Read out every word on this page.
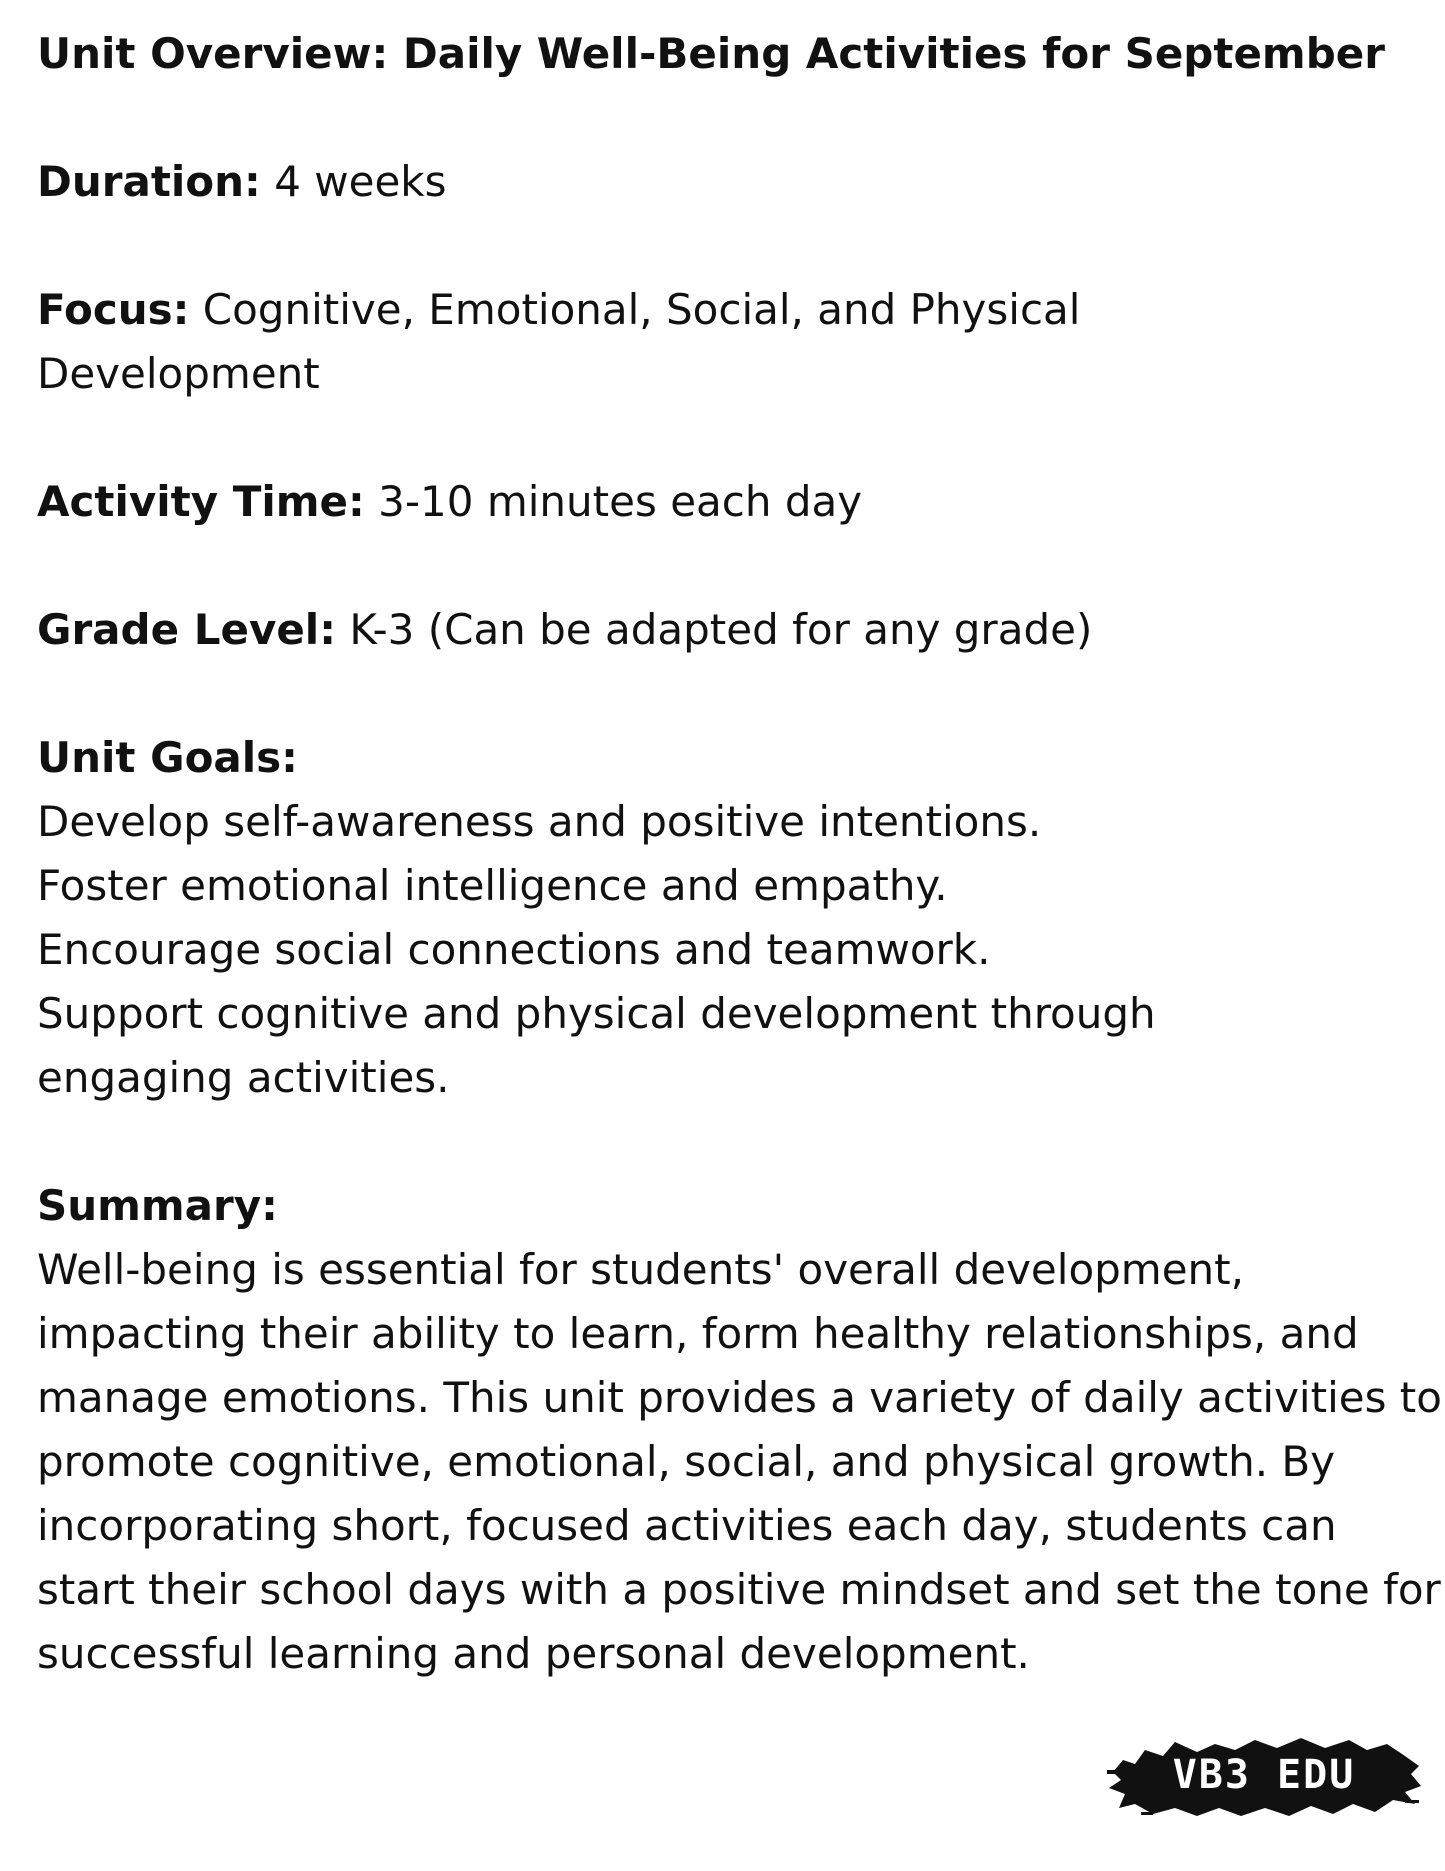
Unit Overview: Daily Well-Being Activities for September

Duration: 4 weeks

Focus: Cognitive, Emotional, Social, and Physical Development

Activity Time: 3-10 minutes each day

Grade Level: K-3 (Can be adapted for any grade)

Unit Goals:

Develop self-awareness and positive intentions.

Foster emotional intelligence and empathy.

Encourage social connections and teamwork.

Support cognitive and physical development through engaging activities.

Summary:

Well-being is essential for students' overall development, impacting their ability to learn, form healthy relationships, and manage emotions. This unit provides a variety of daily activities to promote cognitive, emotional, social, and physical growth. By incorporating short, focused activities each day, students can start their school days with a positive mindset and set the tone for successful learning and personal development.

VB3 EDU
